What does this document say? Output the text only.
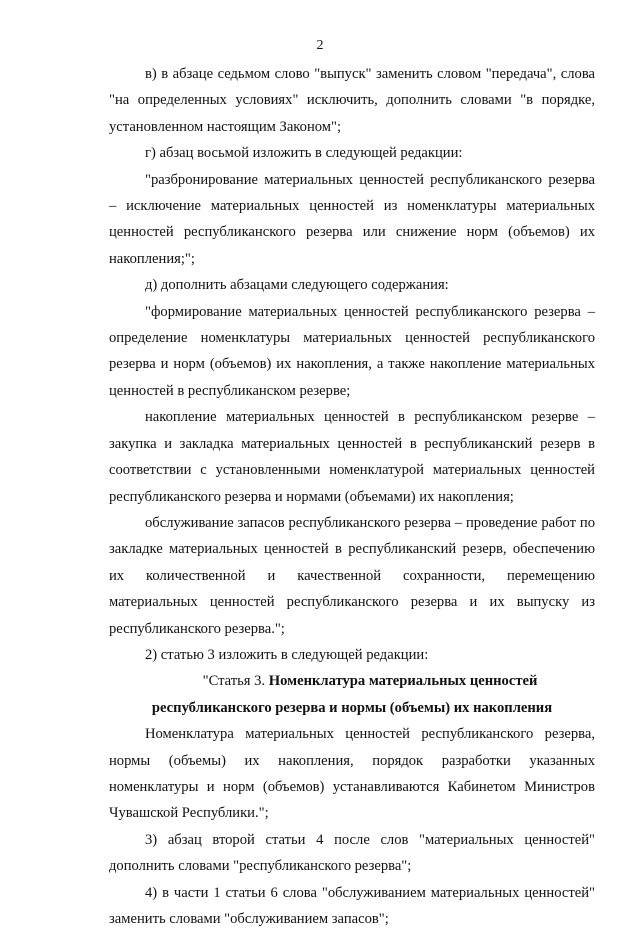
2

в) в абзаце седьмом слово "выпуск" заменить словом "передача", слова "на определенных условиях" исключить, дополнить словами "в порядке, установленном настоящим Законом";

г) абзац восьмой изложить в следующей редакции:

"разбронирование материальных ценностей республиканского резерва – исключение материальных ценностей из номенклатуры материальных ценностей республиканского резерва или снижение норм (объемов) их накопления;";

д) дополнить абзацами следующего содержания:

"формирование материальных ценностей республиканского резерва – определение номенклатуры материальных ценностей республиканского резерва и норм (объемов) их накопления, а также накопление материальных ценностей в республиканском резерве;

накопление материальных ценностей в республиканском резерве – закупка и закладка материальных ценностей в республиканский резерв в соответствии с установленными номенклатурой материальных ценностей республиканского резерва и нормами (объемами) их накопления;

обслуживание запасов республиканского резерва – проведение работ по закладке материальных ценностей в республиканский резерв, обеспечению их количественной и качественной сохранности, перемещению материальных ценностей республиканского резерва и их выпуску из республиканского резерва.";

2) статью 3 изложить в следующей редакции:

"Статья 3. Номенклатура материальных ценностей республиканского резерва и нормы (объемы) их накопления

Номенклатура материальных ценностей республиканского резерва, нормы (объемы) их накопления, порядок разработки указанных номенклатуры и норм (объемов) устанавливаются Кабинетом Министров Чувашской Республики.";

3) абзац второй статьи 4 после слов "материальных ценностей" дополнить словами "республиканского резерва";

4) в части 1 статьи 6 слова "обслуживанием материальных ценностей" заменить словами "обслуживанием запасов";
